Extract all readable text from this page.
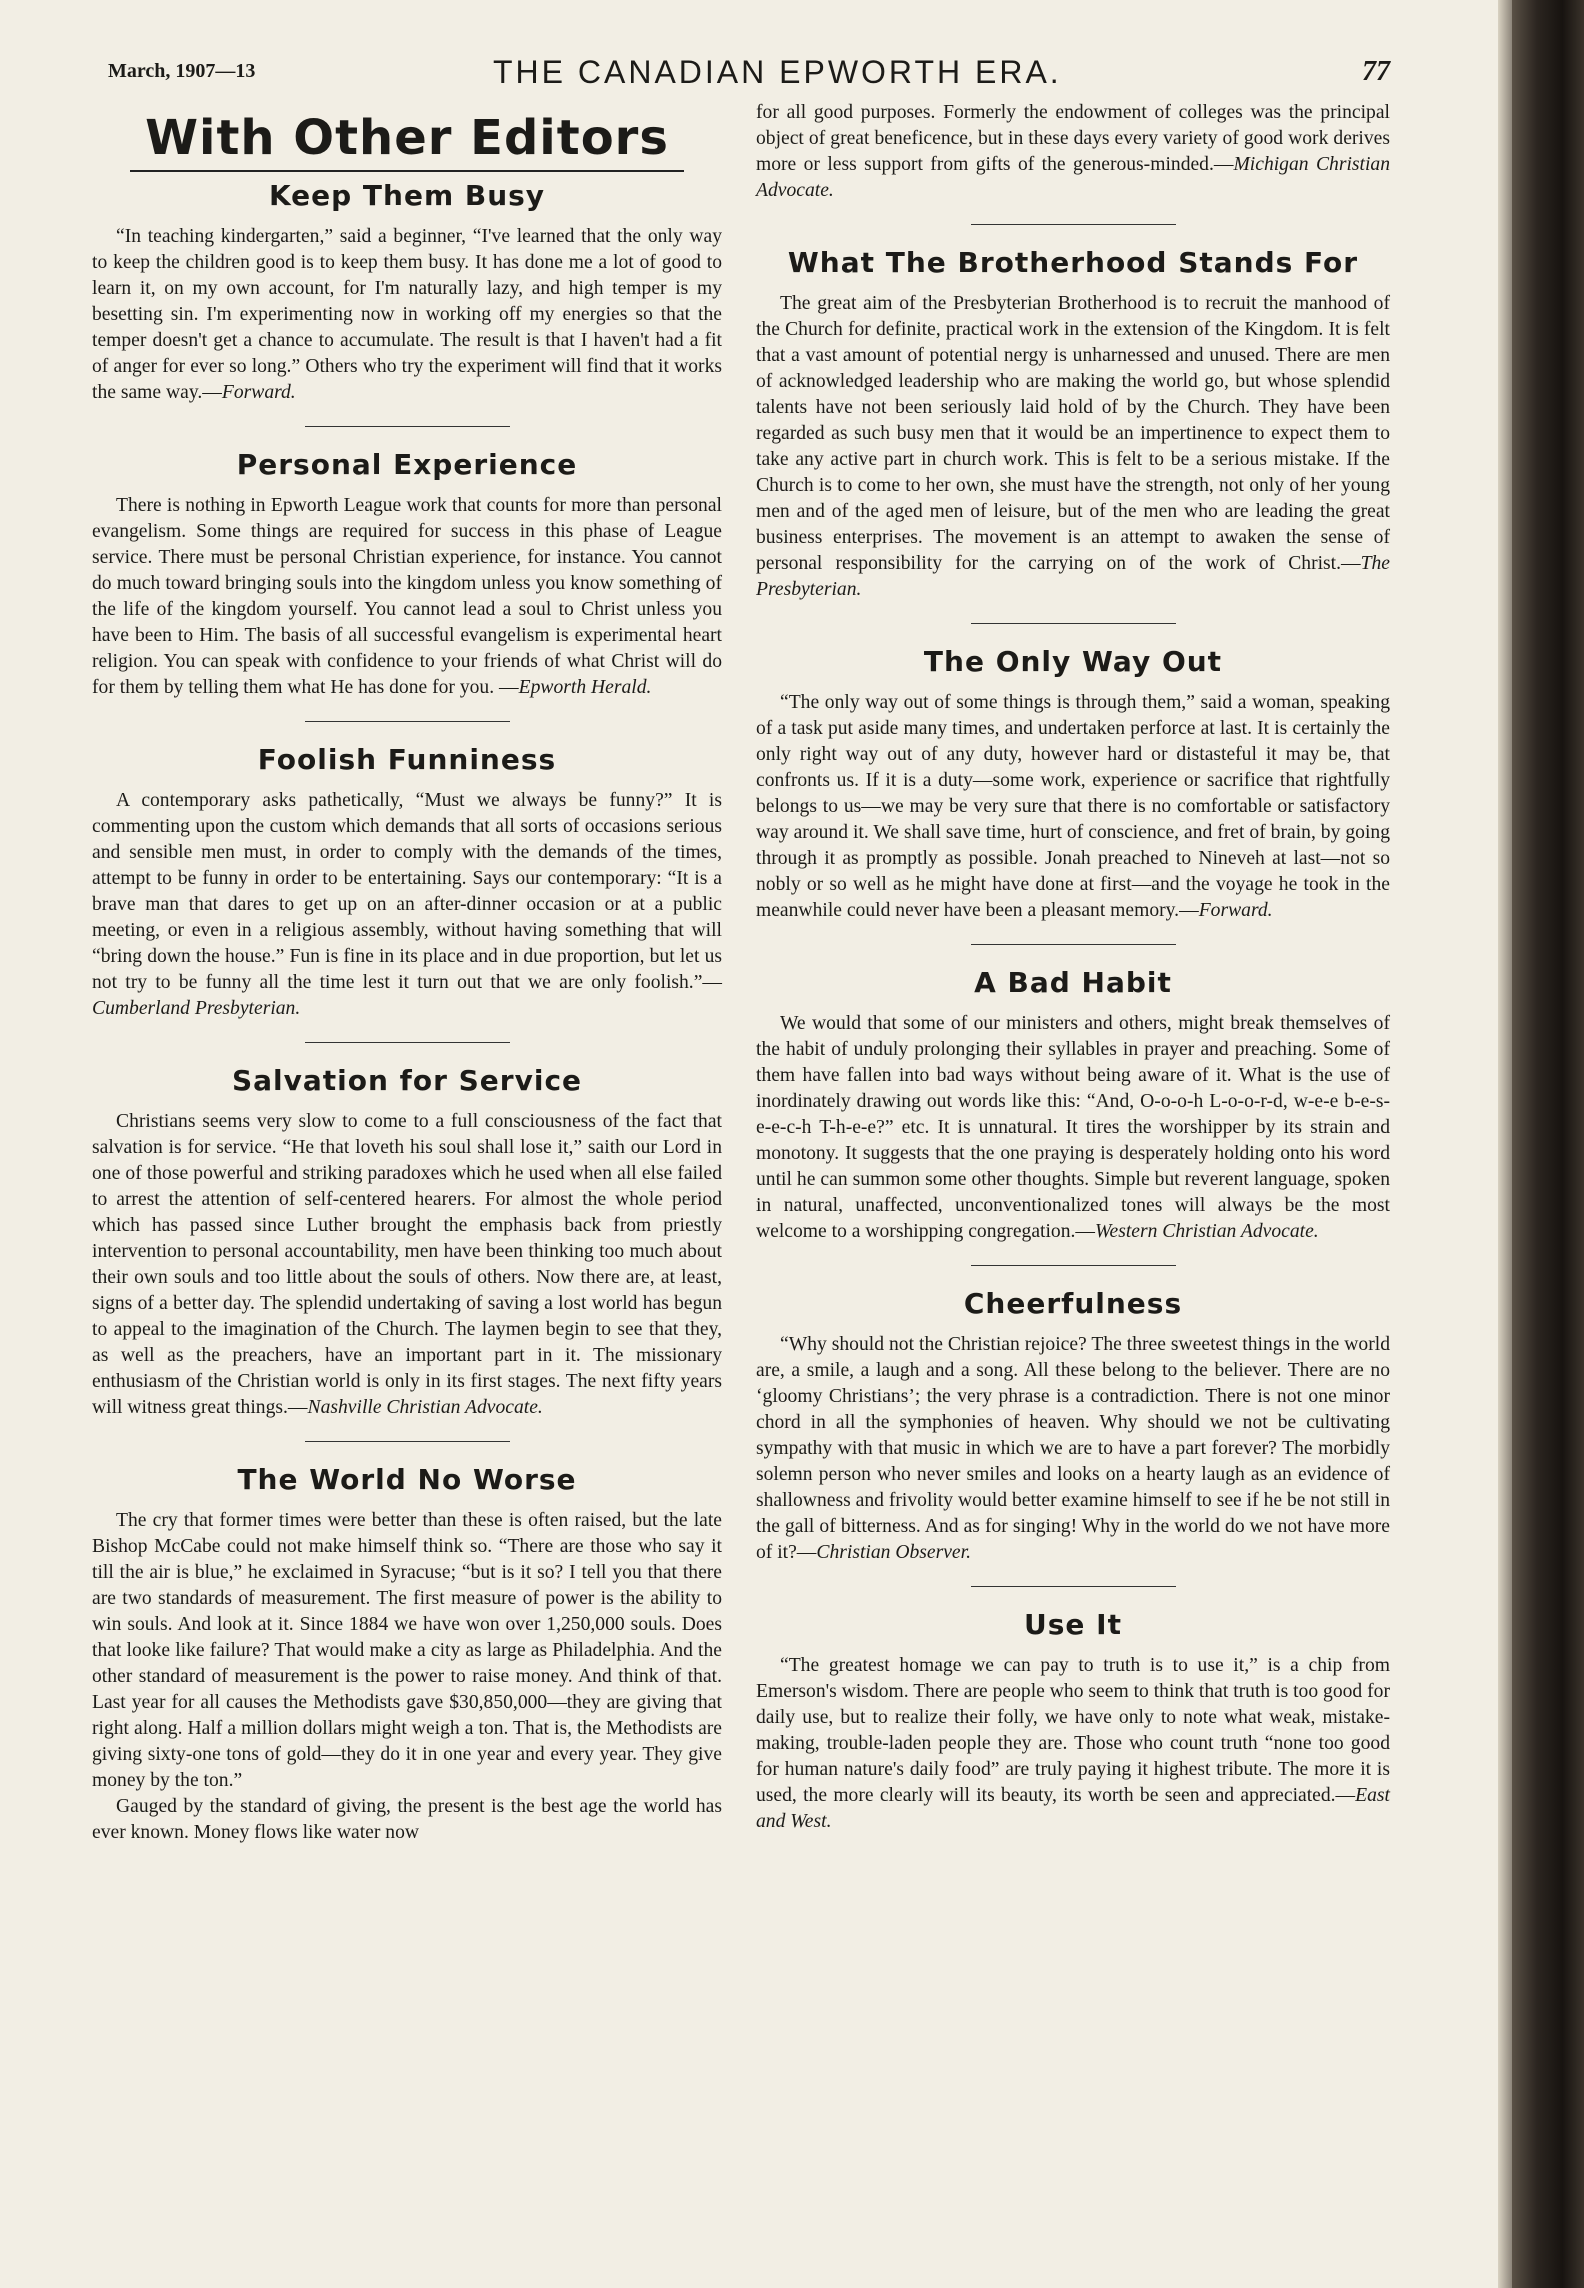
March, 1907—13	THE CANADIAN EPWORTH ERA.	77
With Other Editors
Keep Them Busy

“In teaching kindergarten,” said a beginner, “I've learned that the only way to keep the children good is to keep them busy. It has done me a lot of good to learn it, on my own account, for I'm naturally lazy, and high temper is my besetting sin. I'm experimenting now in working off my energies so that the temper doesn't get a chance to accumulate. The result is that I haven't had a fit of anger for ever so long.” Others who try the experiment will find that it works the same way.—Forward.

Personal Experience

There is nothing in Epworth League work that counts for more than personal evangelism. Some things are required for success in this phase of League service. There must be personal Christian experience, for instance. You cannot do much toward bringing souls into the kingdom unless you know something of the life of the kingdom yourself. You cannot lead a soul to Christ unless you have been to Him. The basis of all successful evangelism is experimental heart religion. You can speak with confidence to your friends of what Christ will do for them by telling them what He has done for you. —Epworth Herald.

Foolish Funniness

A contemporary asks pathetically, “Must we always be funny?” It is commenting upon the custom which demands that all sorts of occasions serious and sensible men must, in order to comply with the demands of the times, attempt to be funny in order to be entertaining. Says our contemporary: “It is a brave man that dares to get up on an after-dinner occasion or at a public meeting, or even in a religious assembly, without having something that will “bring down the house.” Fun is fine in its place and in due proportion, but let us not try to be funny all the time lest it turn out that we are only foolish.”—Cumberland Presbyterian.

Salvation for Service

Christians seems very slow to come to a full consciousness of the fact that salvation is for service. “He that loveth his soul shall lose it,” saith our Lord in one of those powerful and striking paradoxes which he used when all else failed to arrest the attention of self-centered hearers. For almost the whole period which has passed since Luther brought the emphasis back from priestly intervention to personal accountability, men have been thinking too much about their own souls and too little about the souls of others. Now there are, at least, signs of a better day. The splendid undertaking of saving a lost world has begun to appeal to the imagination of the Church. The laymen begin to see that they, as well as the preachers, have an important part in it. The missionary enthusiasm of the Christian world is only in its first stages. The next fifty years will witness great things.—Nashville Christian Advocate.

The World No Worse

The cry that former times were better than these is often raised, but the late Bishop McCabe could not make himself think so. “There are those who say it till the air is blue,” he exclaimed in Syracuse; “but is it so? I tell you that there are two standards of measurement. The first measure of power is the ability to win souls. And look at it. Since 1884 we have won over 1,250,000 souls. Does that looke like failure? That would make a city as large as Philadelphia. And the other standard of measurement is the power to raise money. And think of that. Last year for all causes the Methodists gave $30,850,000—they are giving that right along. Half a million dollars might weigh a ton. That is, the Methodists are giving sixty-one tons of gold—they do it in one year and every year. They give money by the ton.”

Gauged by the standard of giving, the present is the best age the world has ever known. Money flows like water now

for all good purposes. Formerly the endowment of colleges was the principal object of great beneficence, but in these days every variety of good work derives more or less support from gifts of the generous-minded.—Michigan Christian Advocate.

What The Brotherhood Stands For

The great aim of the Presbyterian Brotherhood is to recruit the manhood of the Church for definite, practical work in the extension of the Kingdom. It is felt that a vast amount of potential nergy is unharnessed and unused. There are men of acknowledged leadership who are making the world go, but whose splendid talents have not been seriously laid hold of by the Church. They have been regarded as such busy men that it would be an impertinence to expect them to take any active part in church work. This is felt to be a serious mistake. If the Church is to come to her own, she must have the strength, not only of her young men and of the aged men of leisure, but of the men who are leading the great business enterprises. The movement is an attempt to awaken the sense of personal responsibility for the carrying on of the work of Christ.—The Presbyterian.

The Only Way Out

“The only way out of some things is through them,” said a woman, speaking of a task put aside many times, and undertaken perforce at last. It is certainly the only right way out of any duty, however hard or distasteful it may be, that confronts us. If it is a duty—some work, experience or sacrifice that rightfully belongs to us—we may be very sure that there is no comfortable or satisfactory way around it. We shall save time, hurt of conscience, and fret of brain, by going through it as promptly as possible. Jonah preached to Nineveh at last—not so nobly or so well as he might have done at first—and the voyage he took in the meanwhile could never have been a pleasant memory.—Forward.

A Bad Habit

We would that some of our ministers and others, might break themselves of the habit of unduly prolonging their syllables in prayer and preaching. Some of them have fallen into bad ways without being aware of it. What is the use of inordinately drawing out words like this: “And, O-o-o-h L-o-o-r-d, w-e-e b-e-s-e-e-c-h T-h-e-e?” etc. It is unnatural. It tires the worshipper by its strain and monotony. It suggests that the one praying is desperately holding onto his word until he can summon some other thoughts. Simple but reverent language, spoken in natural, unaffected, unconventionalized tones will always be the most welcome to a worshipping congregation.—Western Christian Advocate.

Cheerfulness

“Why should not the Christian rejoice? The three sweetest things in the world are, a smile, a laugh and a song. All these belong to the believer. There are no ‘gloomy Christians’; the very phrase is a contradiction. There is not one minor chord in all the symphonies of heaven. Why should we not be cultivating sympathy with that music in which we are to have a part forever? The morbidly solemn person who never smiles and looks on a hearty laugh as an evidence of shallowness and frivolity would better examine himself to see if he be not still in the gall of bitterness. And as for singing! Why in the world do we not have more of it?—Christian Observer.

Use It

“The greatest homage we can pay to truth is to use it,” is a chip from Emerson's wisdom. There are people who seem to think that truth is too good for daily use, but to realize their folly, we have only to note what weak, mistake-making, trouble-laden people they are. Those who count truth “none too good for human nature's daily food” are truly paying it highest tribute. The more it is used, the more clearly will its beauty, its worth be seen and appreciated.—East and West.
